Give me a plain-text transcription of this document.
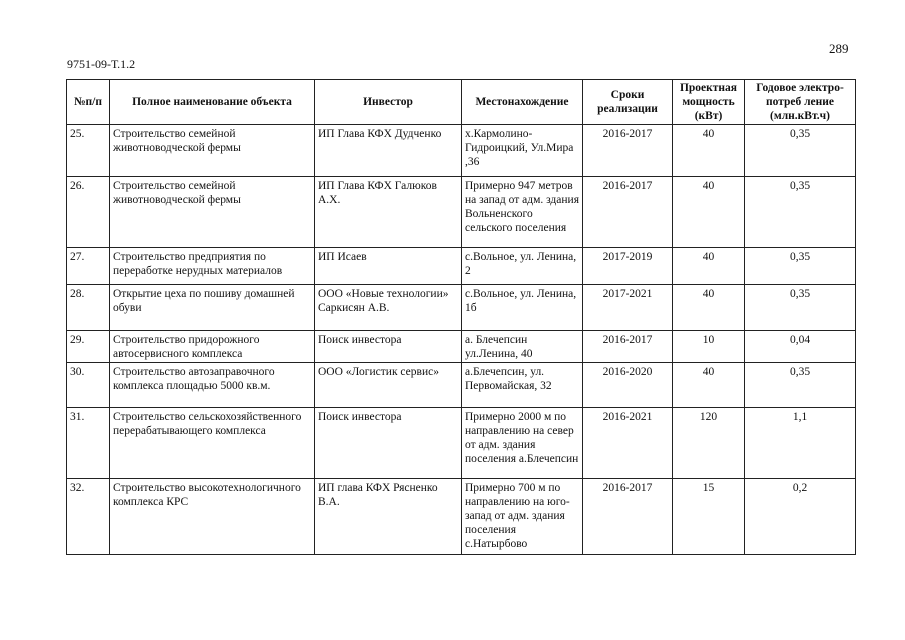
289
9751-09-Т.1.2
№п/п	Полное наименование объекта	Инвестор	Местонахождение	Сроки реализации	Проектная мощность (кВт)	Годовое электро-потреб ление (млн.кВт.ч)
25.	Строительство семейной животноводческой фермы	ИП Глава КФХ Дудченко	х.Кармолино-Гидроицкий, Ул.Мира ,36	2016-2017	40	0,35
26.	Строительство семейной животноводческой фермы	ИП Глава КФХ Галюков А.Х.	Примерно 947 метров на запад от адм. здания Вольненского сельского поселения	2016-2017	40	0,35
27.	Строительство предприятия по переработке нерудных материалов	ИП Исаев	с.Вольное, ул. Ленина, 2	2017-2019	40	0,35
28.	Открытие цеха по пошиву домашней обуви	ООО «Новые технологии» Саркисян А.В.	с.Вольное, ул. Ленина, 1б	2017-2021	40	0,35
29.	Строительство придорожного автосервисного комплекса	Поиск инвестора	а. Блечепсин ул.Ленина, 40	2016-2017	10	0,04
30.	Строительство автозаправочного комплекса площадью 5000 кв.м.	ООО «Логистик сервис»	а.Блечепсин, ул. Первомайская, 32	2016-2020	40	0,35
31.	Строительство сельскохозяйственного перерабатывающего комплекса	Поиск инвестора	Примерно 2000 м по направлению на север от адм. здания поселения а.Блечепсин	2016-2021	120	1,1
32.	Строительство высокотехнологичного комплекса КРС	ИП глава КФХ Рясненко В.А.	Примерно 700 м по направлению на юго-запад от адм. здания поселения с.Натырбово	2016-2017	15	0,2
